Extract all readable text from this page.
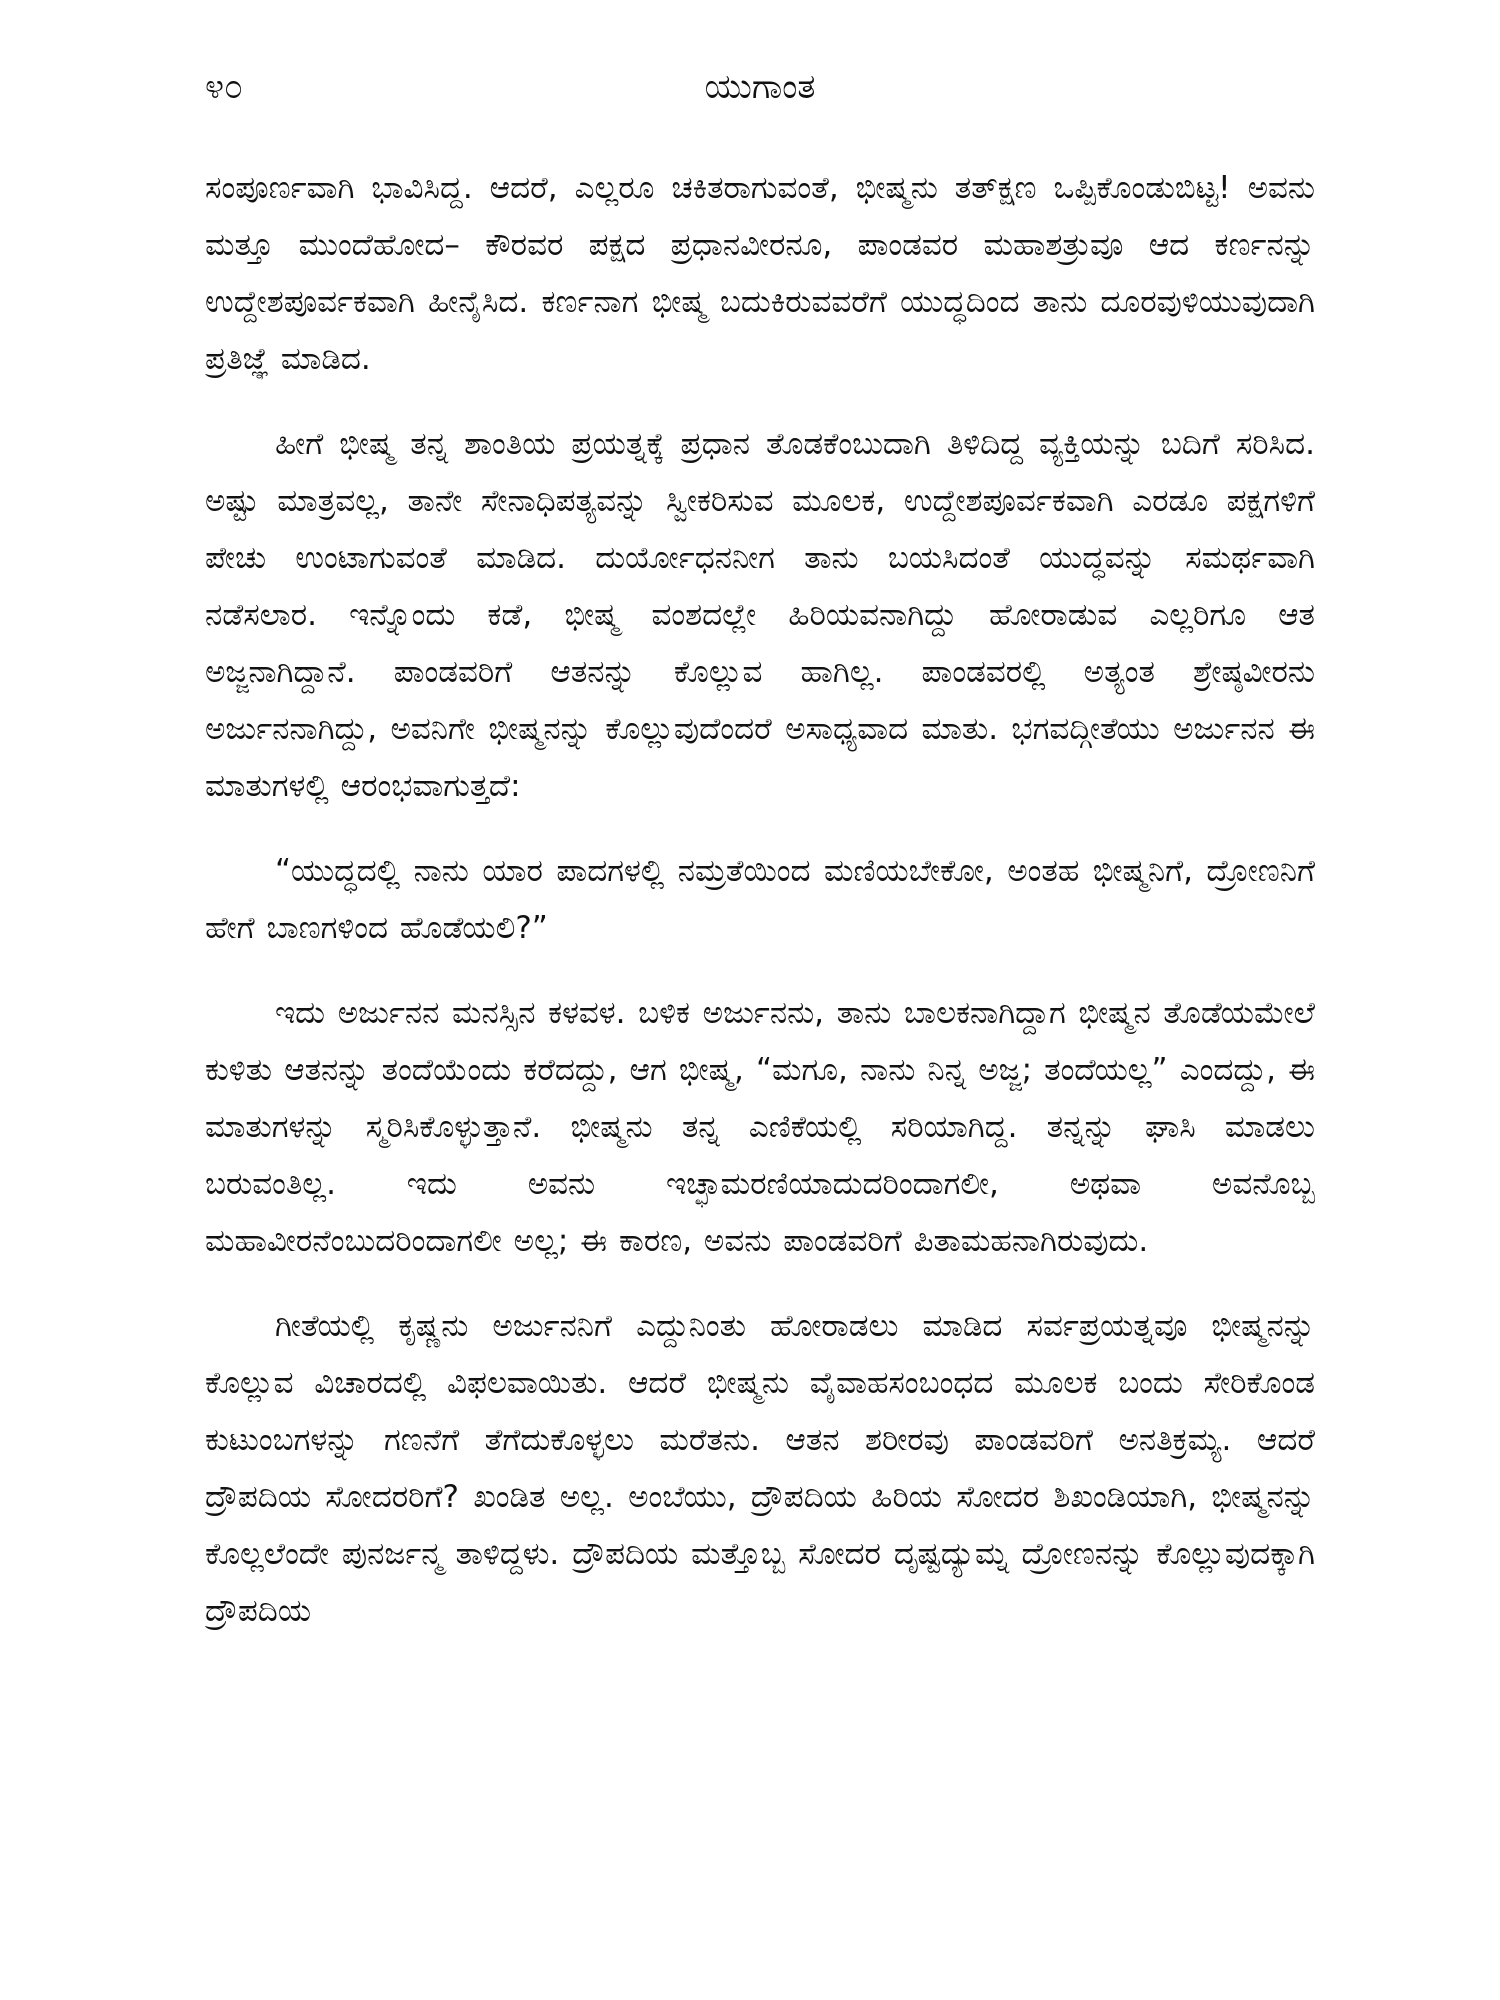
೪೦	ಯುಗಾಂತ

ಸಂಪೂರ್ಣವಾಗಿ ಭಾವಿಸಿದ್ದ. ಆದರೆ, ಎಲ್ಲರೂ ಚಕಿತರಾಗುವಂತೆ, ಭೀಷ್ಮನು ತತ್‌ಕ್ಷಣ ಒಪ್ಪಿಕೊಂಡುಬಿಟ್ಟ! ಅವನು ಮತ್ತೂ ಮುಂದೆಹೋದ– ಕೌರವರ ಪಕ್ಷದ ಪ್ರಧಾನವೀರನೂ, ಪಾಂಡವರ ಮಹಾಶತ್ರುವೂ ಆದ ಕರ್ಣನನ್ನು ಉದ್ದೇಶಪೂರ್ವಕವಾಗಿ ಹೀನೈಸಿದ. ಕರ್ಣನಾಗ ಭೀಷ್ಮ ಬದುಕಿರುವವರೆಗೆ ಯುದ್ಧದಿಂದ ತಾನು ದೂರವುಳಿಯುವುದಾಗಿ ಪ್ರತಿಜ್ಞೆ ಮಾಡಿದ.

ಹೀಗೆ ಭೀಷ್ಮ ತನ್ನ ಶಾಂತಿಯ ಪ್ರಯತ್ನಕ್ಕೆ ಪ್ರಧಾನ ತೊಡಕೆಂಬುದಾಗಿ ತಿಳಿದಿದ್ದ ವ್ಯಕ್ತಿಯನ್ನು ಬದಿಗೆ ಸರಿಸಿದ. ಅಷ್ಟು ಮಾತ್ರವಲ್ಲ, ತಾನೇ ಸೇನಾಧಿಪತ್ಯವನ್ನು ಸ್ವೀಕರಿಸುವ ಮೂಲಕ, ಉದ್ದೇಶಪೂರ್ವಕವಾಗಿ ಎರಡೂ ಪಕ್ಷಗಳಿಗೆ ಪೇಚು ಉಂಟಾಗುವಂತೆ ಮಾಡಿದ. ದುರ್ಯೋಧನನೀಗ ತಾನು ಬಯಸಿದಂತೆ ಯುದ್ಧವನ್ನು ಸಮರ್ಥವಾಗಿ ನಡೆಸಲಾರ. ಇನ್ನೊಂದು ಕಡೆ, ಭೀಷ್ಮ ವಂಶದಲ್ಲೇ ಹಿರಿಯವನಾಗಿದ್ದು ಹೋರಾಡುವ ಎಲ್ಲರಿಗೂ ಆತ ಅಜ್ಜನಾಗಿದ್ದಾನೆ. ಪಾಂಡವರಿಗೆ ಆತನನ್ನು ಕೊಲ್ಲುವ ಹಾಗಿಲ್ಲ. ಪಾಂಡವರಲ್ಲಿ ಅತ್ಯಂತ ಶ್ರೇಷ್ಠವೀರನು ಅರ್ಜುನನಾಗಿದ್ದು, ಅವನಿಗೇ ಭೀಷ್ಮನನ್ನು ಕೊಲ್ಲುವುದೆಂದರೆ ಅಸಾಧ್ಯವಾದ ಮಾತು. ಭಗವದ್ಗೀತೆಯು ಅರ್ಜುನನ ಈ ಮಾತುಗಳಲ್ಲಿ ಆರಂಭವಾಗುತ್ತದೆ:

“ಯುದ್ಧದಲ್ಲಿ ನಾನು ಯಾರ ಪಾದಗಳಲ್ಲಿ ನಮ್ರತೆಯಿಂದ ಮಣಿಯಬೇಕೋ, ಅಂತಹ ಭೀಷ್ಮನಿಗೆ, ದ್ರೋಣನಿಗೆ ಹೇಗೆ ಬಾಣಗಳಿಂದ ಹೊಡೆಯಲಿ?”

ಇದು ಅರ್ಜುನನ ಮನಸ್ಸಿನ ಕಳವಳ. ಬಳಿಕ ಅರ್ಜುನನು, ತಾನು ಬಾಲಕನಾಗಿದ್ದಾಗ ಭೀಷ್ಮನ ತೊಡೆಯಮೇಲೆ ಕುಳಿತು ಆತನನ್ನು ತಂದೆಯೆಂದು ಕರೆದದ್ದು, ಆಗ ಭೀಷ್ಮ, “ಮಗೂ, ನಾನು ನಿನ್ನ ಅಜ್ಜ; ತಂದೆಯಲ್ಲ” ಎಂದದ್ದು, ಈ ಮಾತುಗಳನ್ನು ಸ್ಮರಿಸಿಕೊಳ್ಳುತ್ತಾನೆ. ಭೀಷ್ಮನು ತನ್ನ ಎಣಿಕೆಯಲ್ಲಿ ಸರಿಯಾಗಿದ್ದ. ತನ್ನನ್ನು ಘಾಸಿ ಮಾಡಲು ಬರುವಂತಿಲ್ಲ. ಇದು ಅವನು ಇಚ್ಛಾಮರಣಿಯಾದುದರಿಂದಾಗಲೀ, ಅಥವಾ ಅವನೊಬ್ಬ ಮಹಾವೀರನೆಂಬುದರಿಂದಾಗಲೀ ಅಲ್ಲ; ಈ ಕಾರಣ, ಅವನು ಪಾಂಡವರಿಗೆ ಪಿತಾಮಹನಾಗಿರುವುದು.

ಗೀತೆಯಲ್ಲಿ ಕೃಷ್ಣನು ಅರ್ಜುನನಿಗೆ ಎದ್ದುನಿಂತು ಹೋರಾಡಲು ಮಾಡಿದ ಸರ್ವಪ್ರಯತ್ನವೂ ಭೀಷ್ಮನನ್ನು ಕೊಲ್ಲುವ ವಿಚಾರದಲ್ಲಿ ವಿಫಲವಾಯಿತು. ಆದರೆ ಭೀಷ್ಮನು ವೈವಾಹಸಂಬಂಧದ ಮೂಲಕ ಬಂದು ಸೇರಿಕೊಂಡ ಕುಟುಂಬಗಳನ್ನು ಗಣನೆಗೆ ತೆಗೆದುಕೊಳ್ಳಲು ಮರೆತನು. ಆತನ ಶರೀರವು ಪಾಂಡವರಿಗೆ ಅನತಿಕ್ರಮ್ಯ. ಆದರೆ ದ್ರೌಪದಿಯ ಸೋದರರಿಗೆ? ಖಂಡಿತ ಅಲ್ಲ. ಅಂಬೆಯು, ದ್ರೌಪದಿಯ ಹಿರಿಯ ಸೋದರ ಶಿಖಂಡಿಯಾಗಿ, ಭೀಷ್ಮನನ್ನು ಕೊಲ್ಲಲೆಂದೇ ಪುನರ್ಜನ್ಮ ತಾಳಿದ್ದಳು. ದ್ರೌಪದಿಯ ಮತ್ತೊಬ್ಬ ಸೋದರ ದೃಷ್ಟದ್ಯುಮ್ನ ದ್ರೋಣನನ್ನು ಕೊಲ್ಲುವುದಕ್ಕಾಗಿ ದ್ರೌಪದಿಯ
